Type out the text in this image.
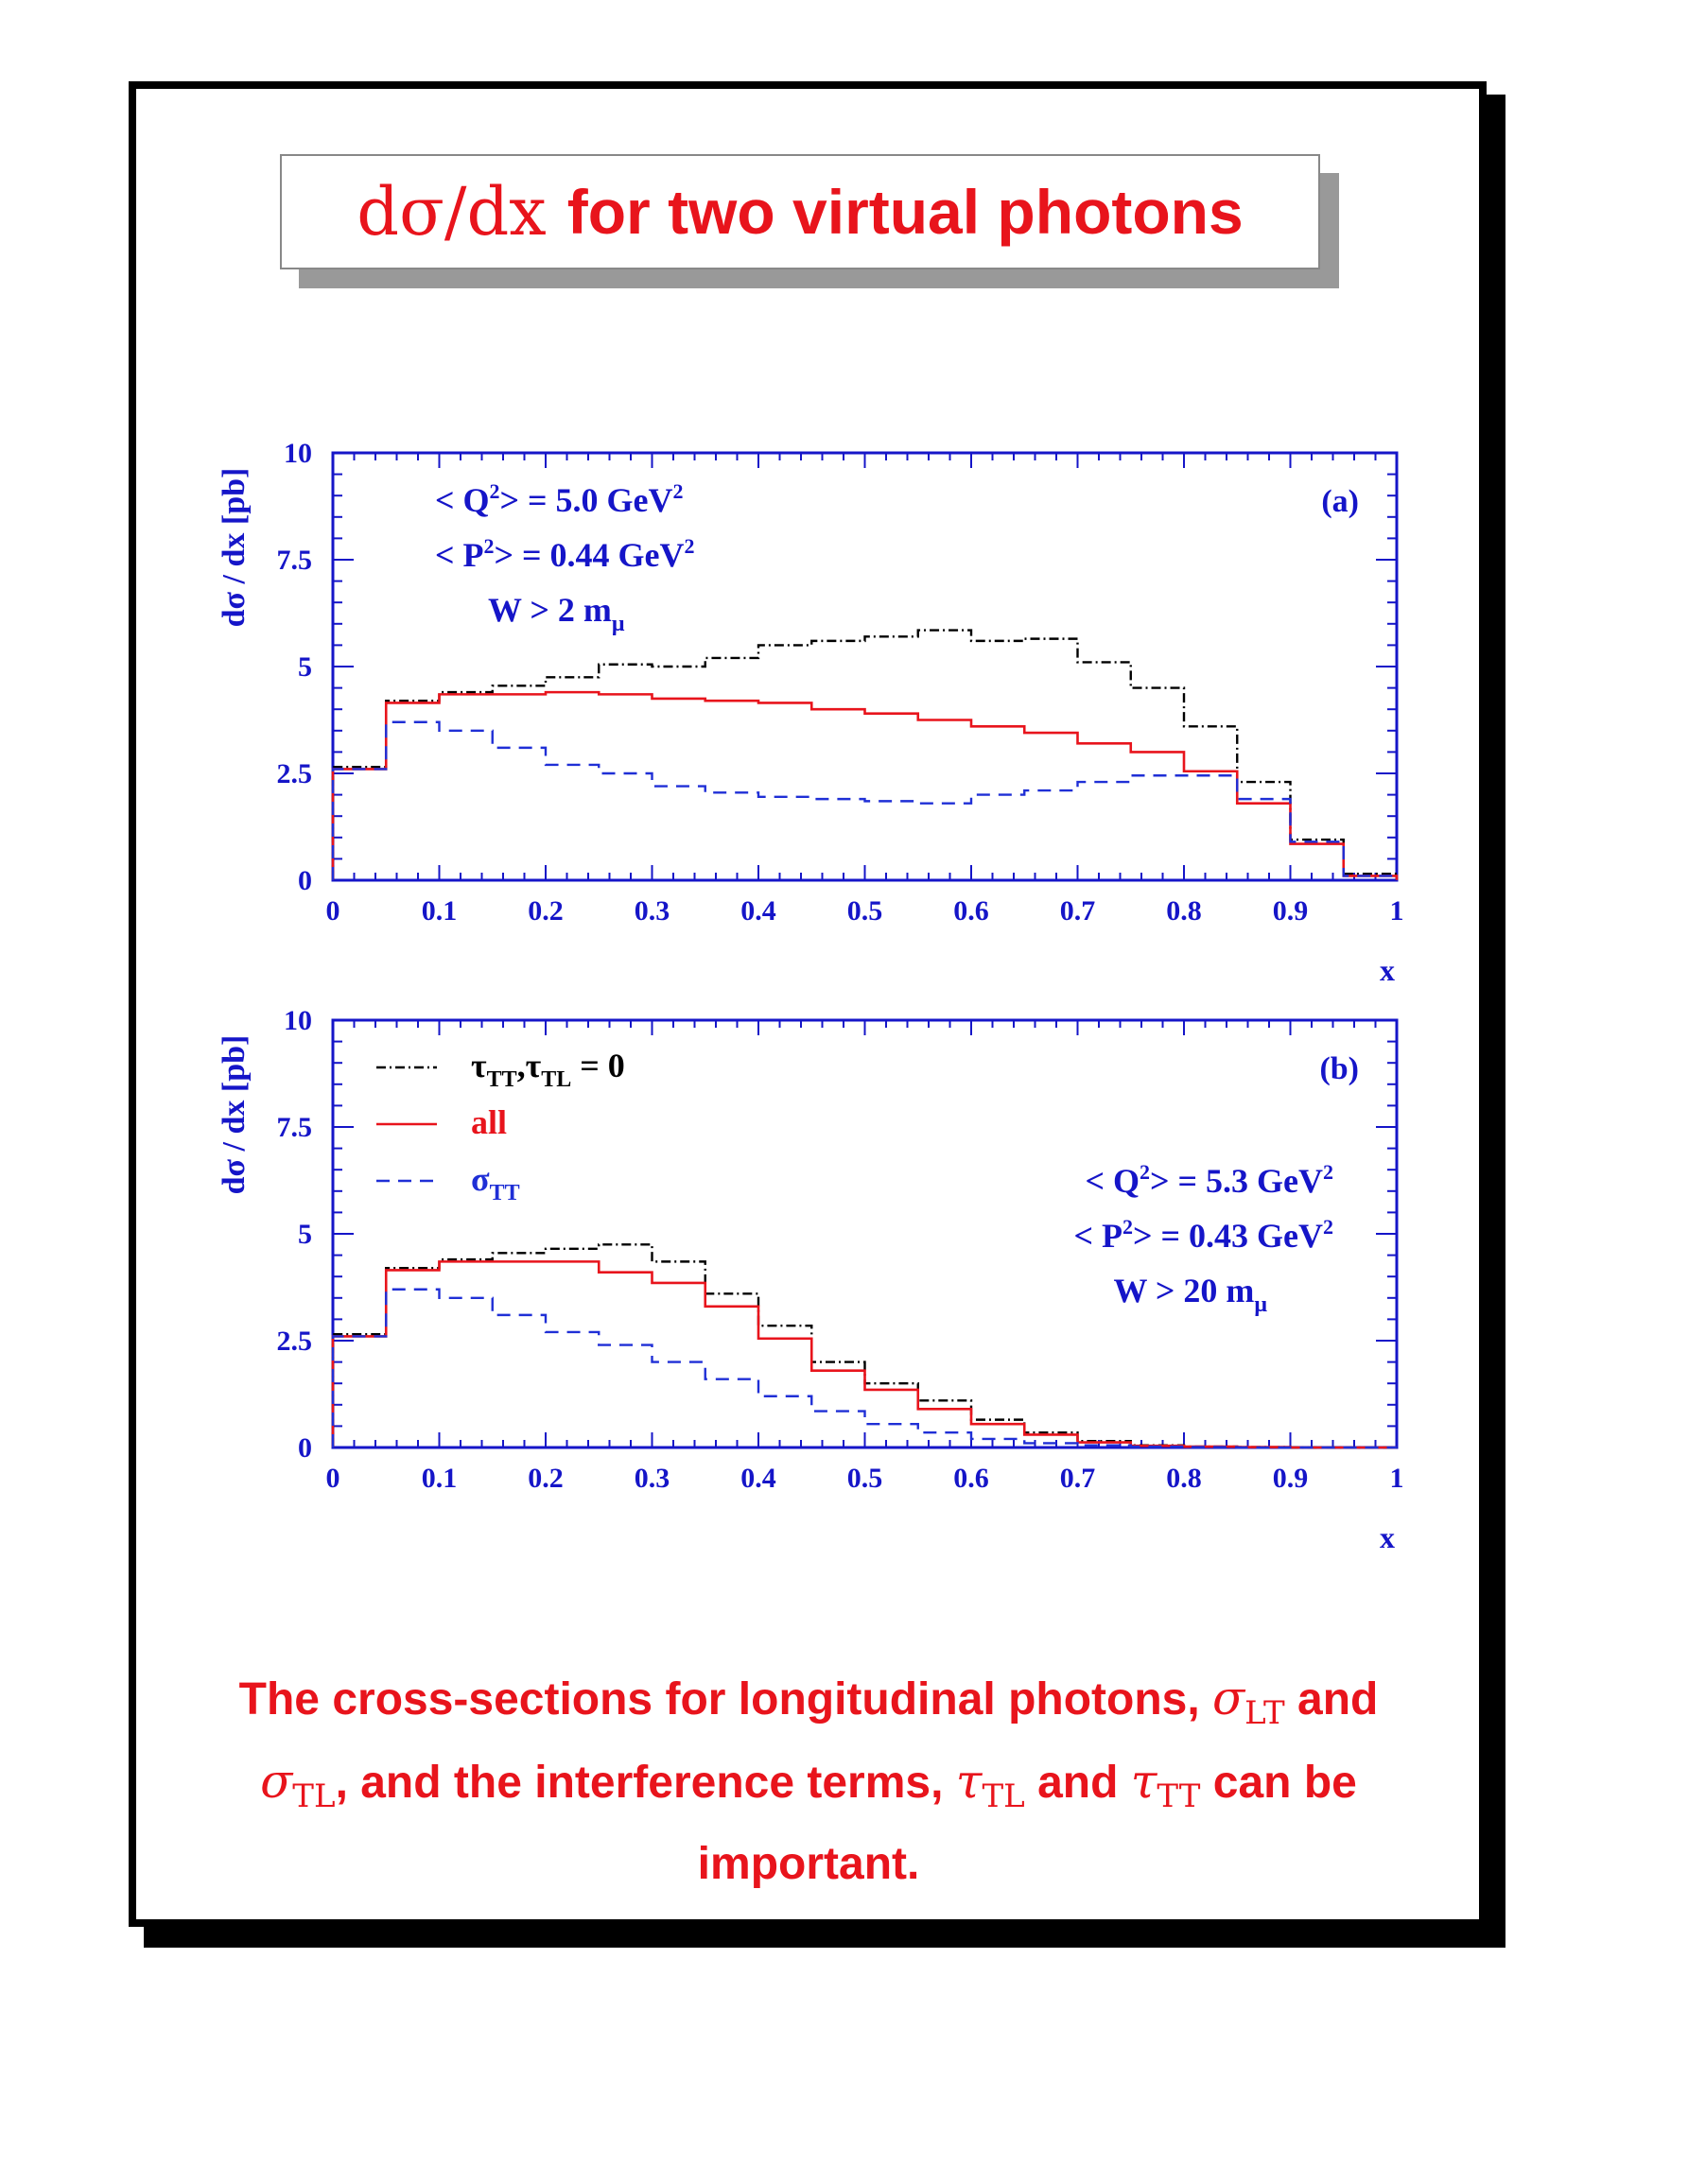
dσ/dx for two virtual photons
0	0.1	0.2	0.3	0.4	0.5	0.6	0.7	0.8	0.9	1
0
2.5
5
7.5
10
x
dσ / dx [pb]	(a)
< $Q^2> = 5.0$ GeV$^2$
< $P^2> = 0.44$ GeV$^2$
W > 2 $m_\mu$
0	0.1	0.2	0.3	0.4	0.5	0.6	0.7	0.8	0.9	1
0
2.5
5
7.5
10
x
dσ / dx [pb]	(b)
< $Q^2> = 5.3$ GeV$^2$
< $P^2> = 0.43$ GeV$^2$
W > 20 $m_\mu$
$\tau_{TT},\tau_{TL} = 0$
all
$\sigma_{TT}$
The cross-sections for longitudinal photons, $\sigma_{LT}$ and
$\sigma_{TL}$, and the interference terms, $\tau_{TL}$ and $\tau_{TT}$ can be important.
